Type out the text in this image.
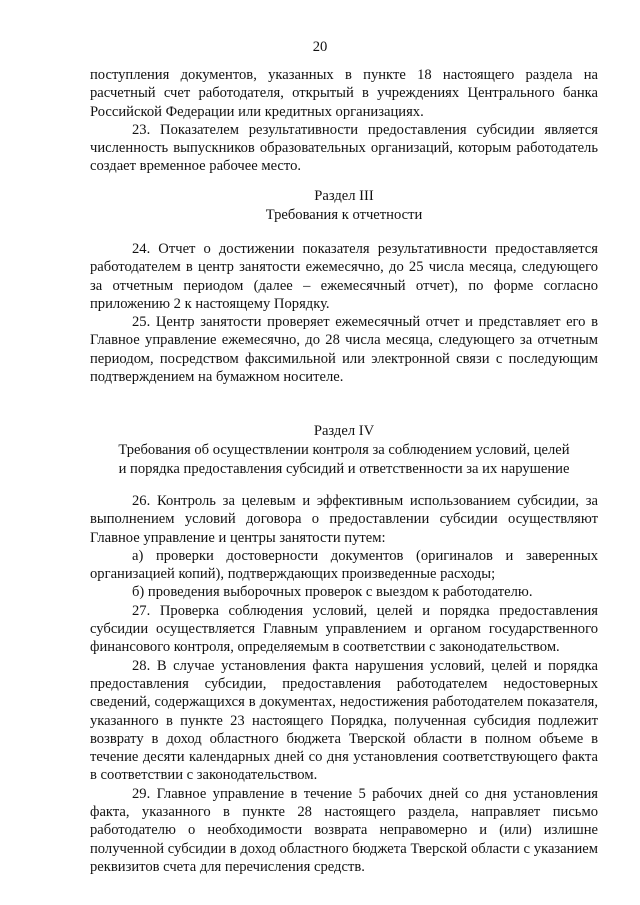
20

поступления документов, указанных в пункте 18 настоящего раздела на расчетный счет работодателя, открытый в учреждениях Центрального банка Российской Федерации или кредитных организациях.

23. Показателем результативности предоставления субсидии является численность выпускников образовательных организаций, которым работодатель создает временное рабочее место.

Раздел III

Требования к отчетности

24. Отчет о достижении показателя результативности предоставляется работодателем в центр занятости ежемесячно, до 25 числа месяца, следующего за отчетным периодом (далее – ежемесячный отчет), по форме согласно приложению 2 к настоящему Порядку.

25. Центр занятости проверяет ежемесячный отчет и представляет его в Главное управление ежемесячно, до 28 числа месяца, следующего за отчетным периодом, посредством факсимильной или электронной связи с последующим подтверждением на бумажном носителе.

Раздел IV

Требования об осуществлении контроля за соблюдением условий, целей

и порядка предоставления субсидий и ответственности за их нарушение

26. Контроль за целевым и эффективным использованием субсидии, за выполнением условий договора о предоставлении субсидии осуществляют Главное управление и центры занятости путем:

а) проверки достоверности документов (оригиналов и заверенных организацией копий), подтверждающих произведенные расходы;

б) проведения выборочных проверок с выездом к работодателю.

27. Проверка соблюдения условий, целей и порядка предоставления субсидии осуществляется Главным управлением и органом государственного финансового контроля, определяемым в соответствии с законодательством.

28. В случае установления факта нарушения условий, целей и порядка предоставления субсидии, предоставления работодателем недостоверных сведений, содержащихся в документах, недостижения работодателем показателя, указанного в пункте 23 настоящего Порядка, полученная субсидия подлежит возврату в доход областного бюджета Тверской области в полном объеме в течение десяти календарных дней со дня установления соответствующего факта в соответствии с законодательством.

29. Главное управление в течение 5 рабочих дней со дня установления факта, указанного в пункте 28 настоящего раздела, направляет письмо работодателю о необходимости возврата неправомерно и (или) излишне полученной субсидии в доход областного бюджета Тверской области с указанием реквизитов счета для перечисления средств.
